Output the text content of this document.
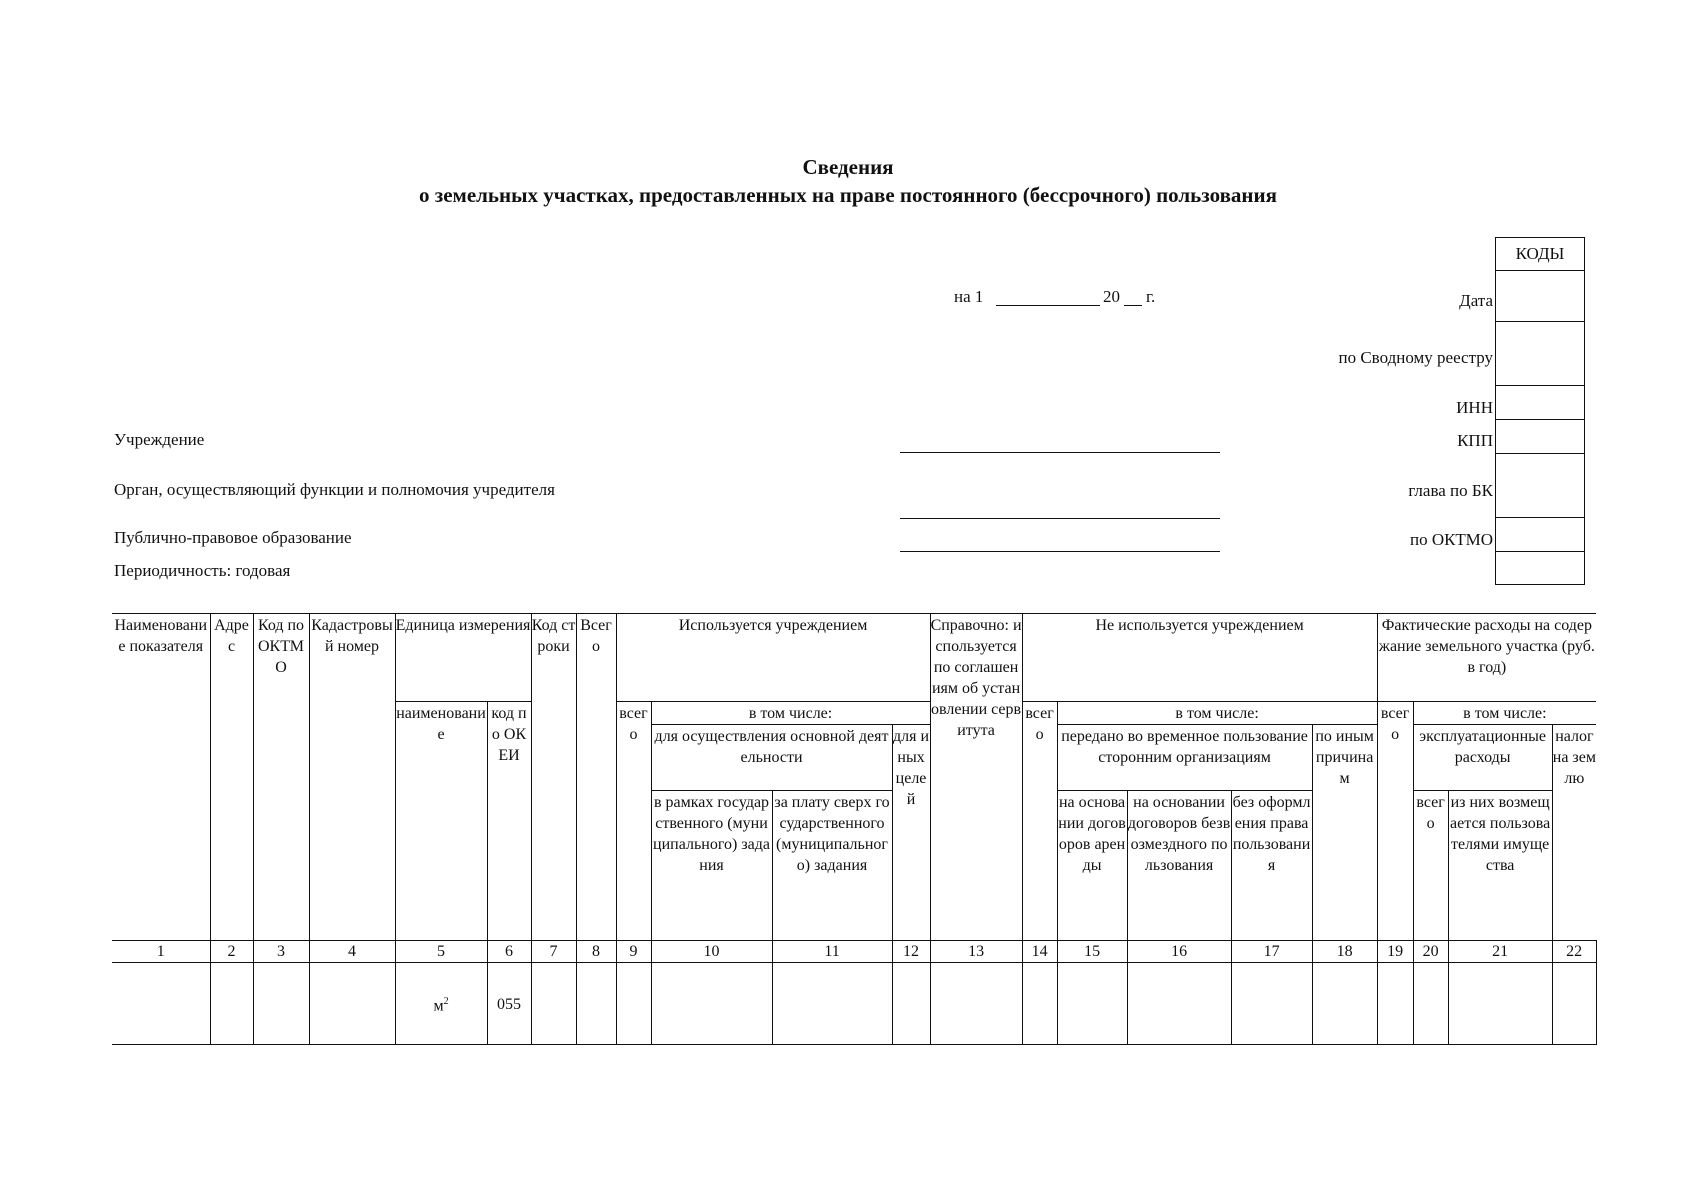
Сведения
о земельных участках, предоставленных на праве постоянного (бессрочного) пользования
на 1	20 г.
КОДЫ
Дата
по Сводному реестру
ИНН
КПП
глава по БК
по ОКТМО
Учреждение
Орган, осуществляющий функции и полномочия учредителя
Публично-правовое образование
Периодичность: годовая
Наименование показателя	Адрес	Код по ОКТМО	Кадастровый номер	Единица измерения		Код строки	Всего	Используется учреждением				Справочно: используется по соглашениям об установлении сервитута	Не используется учреждением					Фактические расходы на содержание земельного участка (руб. в год)			
				наименование	код по ОКЕИ			всего	в том числе:				всего	в том числе:				всего	в том числе:		
									для осуществления основной деятельности		для иных целей			передано во временное пользование сторонним организациям			по иным причинам		эксплуатационные расходы		налог на землю
									в рамках государственного (муниципального) задания	за плату сверх государственного (муниципального) задания				на основании договоров аренды	на основании договоров безвозмездного пользования	без оформления права пользования			всего	из них возмещается пользователями имущества	
1	2	3	4	5	6	7	8	9	10	11	12	13	14	15	16	17	18	19	20	21	22
				$м^2$	055																
